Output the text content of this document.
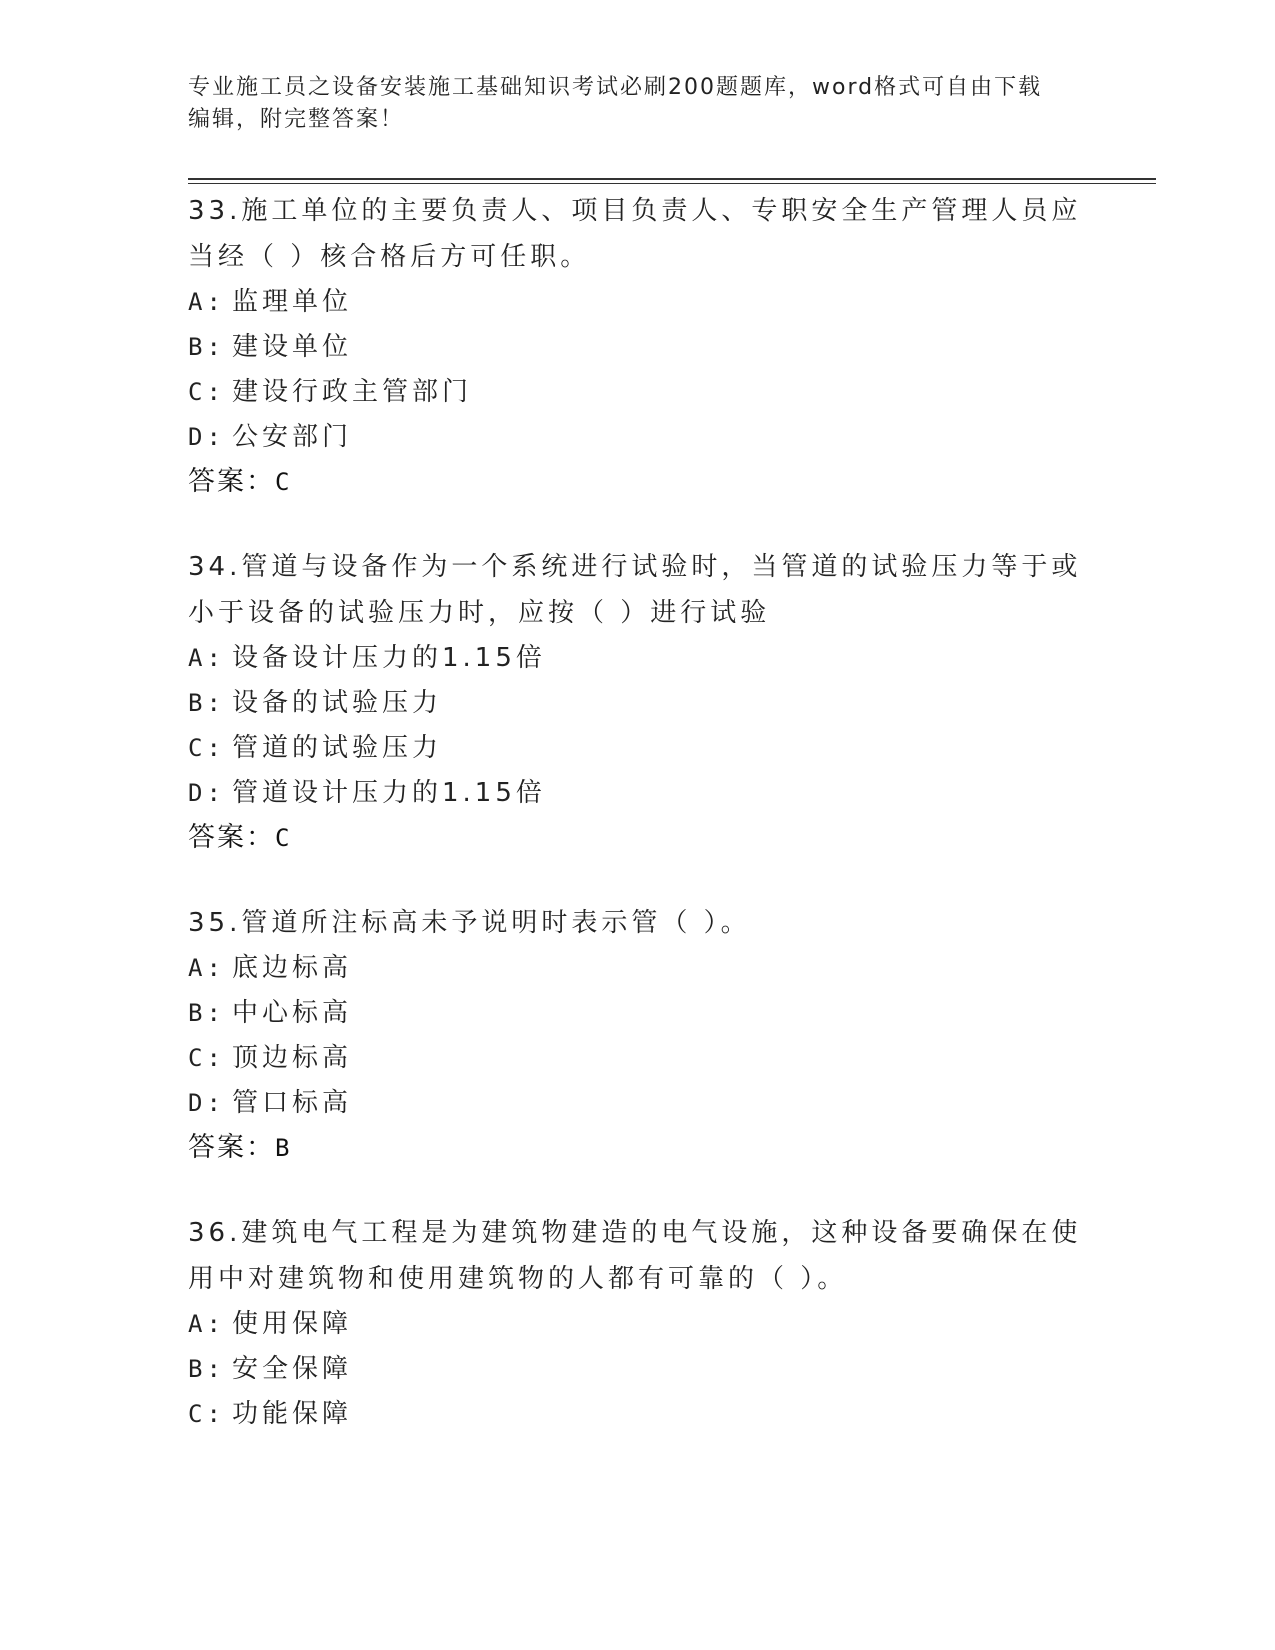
专业施工员之设备安装施工基础知识考试必刷200题题库，word格式可自由下载
编辑，附完整答案！

33.施工单位的主要负责人、项目负责人、专职安全生产管理人员应当经（ ）核合格后方可任职。

A: 监理单位
B: 建设单位
C: 建设行政主管部门
D: 公安部门

答案：C

34.管道与设备作为一个系统进行试验时，当管道的试验压力等于或小于设备的试验压力时，应按（ ）进行试验

A: 设备设计压力的1.15倍
B: 设备的试验压力
C: 管道的试验压力
D: 管道设计压力的1.15倍

答案：C

35.管道所注标高未予说明时表示管（ ）。

A: 底边标高
B: 中心标高
C: 顶边标高
D: 管口标高

答案：B

36.建筑电气工程是为建筑物建造的电气设施，这种设备要确保在使用中对建筑物和使用建筑物的人都有可靠的（ ）。

A: 使用保障
B: 安全保障
C: 功能保障
